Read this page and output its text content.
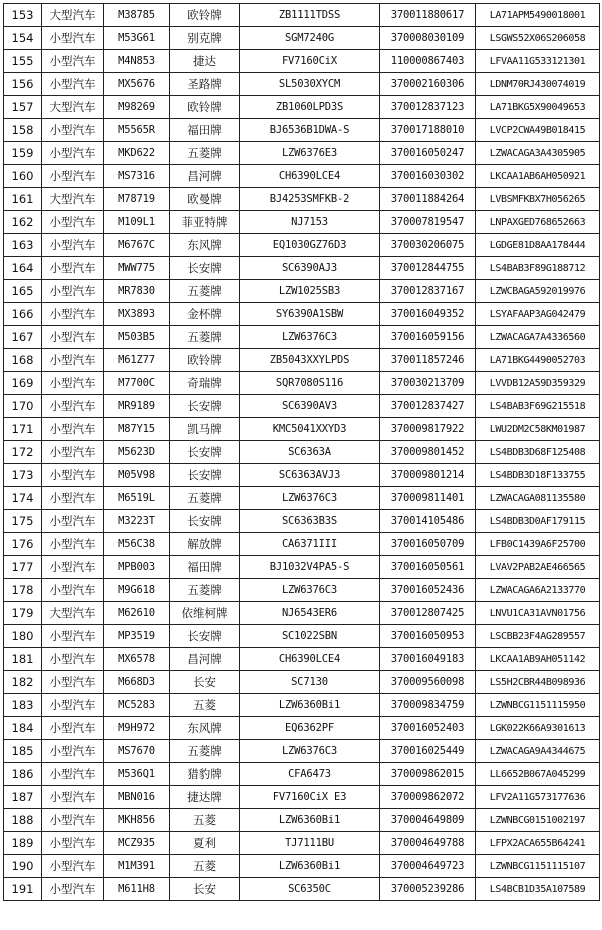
153	大型汽车	M38785	欧铃牌	ZB1111TDSS	370011880617	LA71APM5490018001
154	小型汽车	M53G61	别克牌	SGM7240G	370008030109	LSGWS52X06S206058
155	小型汽车	M4N853	捷达	FV7160CiX	110000867403	LFVAA11G533121301
156	小型汽车	MX5676	圣路牌	SL5030XYCM	370002160306	LDNM70RJ430074019
157	大型汽车	M98269	欧铃牌	ZB1060LPD3S	370012837123	LA71BKG5X90049653
158	小型汽车	M5565R	福田牌	BJ6536B1DWA-S	370017188010	LVCP2CWA49B018415
159	小型汽车	MKD622	五菱牌	LZW6376E3	370016050247	LZWACAGA3A4305905
160	小型汽车	MS7316	昌河牌	CH6390LCE4	370016030302	LKCAA1AB6AH050921
161	大型汽车	M78719	欧曼牌	BJ4253SMFKB-2	370011884264	LVBSMFKBX7H056265
162	小型汽车	M109L1	菲亚特牌	NJ7153	370007819547	LNPAXGED768652663
163	小型汽车	M6767C	东风牌	EQ1030GZ76D3	370030206075	LGDGE81D8AA178444
164	小型汽车	MWW775	长安牌	SC6390AJ3	370012844755	LS4BAB3F89G188712
165	小型汽车	MR7830	五菱牌	LZW1025SB3	370012837167	LZWCBAGA592019976
166	小型汽车	MX3893	金杯牌	SY6390A1SBW	370016049352	LSYAFAAP3AG042479
167	小型汽车	M503B5	五菱牌	LZW6376C3	370016059156	LZWACAGA7A4336560
168	小型汽车	M61Z77	欧铃牌	ZB5043XXYLPDS	370011857246	LA71BKG4490052703
169	小型汽车	M7700C	奇瑞牌	SQR7080S116	370030213709	LVVDB12A59D359329
170	小型汽车	MR9189	长安牌	SC6390AV3	370012837427	LS4BAB3F69G215518
171	小型汽车	M87Y15	凯马牌	KMC5041XXYD3	370009817922	LWU2DM2C58KM01987
172	小型汽车	M5623D	长安牌	SC6363A	370009801452	LS4BDB3D68F125408
173	小型汽车	M05V98	长安牌	SC6363AVJ3	370009801214	LS4BDB3D18F133755
174	小型汽车	M6519L	五菱牌	LZW6376C3	370009811401	LZWACAGA081135580
175	小型汽车	M3223T	长安牌	SC6363B3S	370014105486	LS4BDB3D0AF179115
176	小型汽车	M56C38	解放牌	CA6371III	370016050709	LFB0C1439A6F25700
177	小型汽车	MPB003	福田牌	BJ1032V4PA5-S	370016050561	LVAV2PAB2AE466565
178	小型汽车	M9G618	五菱牌	LZW6376C3	370016052436	LZWACAGA6A2133770
179	大型汽车	M62610	依维柯牌	NJ6543ER6	370012807425	LNVU1CA31AVN01756
180	小型汽车	MP3519	长安牌	SC1022SBN	370016050953	LSCBB23F4AG289557
181	小型汽车	MX6578	昌河牌	CH6390LCE4	370016049183	LKCAA1AB9AH051142
182	小型汽车	M668D3	长安	SC7130	370009560098	LS5H2CBR44B098936
183	小型汽车	MC5283	五菱	LZW6360Bi1	370009834759	LZWNBCG1151115950
184	小型汽车	M9H972	东风牌	EQ6362PF	370016052403	LGK022K66A9301613
185	小型汽车	MS7670	五菱牌	LZW6376C3	370016025449	LZWACAGA9A4344675
186	小型汽车	M536Q1	猎豹牌	CFA6473	370009862015	LL6652B067A045299
187	小型汽车	MBN016	捷达牌	FV7160CiX E3	370009862072	LFV2A11G573177636
188	小型汽车	MKH856	五菱	LZW6360Bi1	370004649809	LZWNBCG0151002197
189	小型汽车	MCZ935	夏利	TJ7111BU	370004649788	LFPX2ACA655B64241
190	小型汽车	M1M391	五菱	LZW6360Bi1	370004649723	LZWNBCG1151115107
191	小型汽车	M611H8	长安	SC6350C	370005239286	LS4BCB1D35A107589
